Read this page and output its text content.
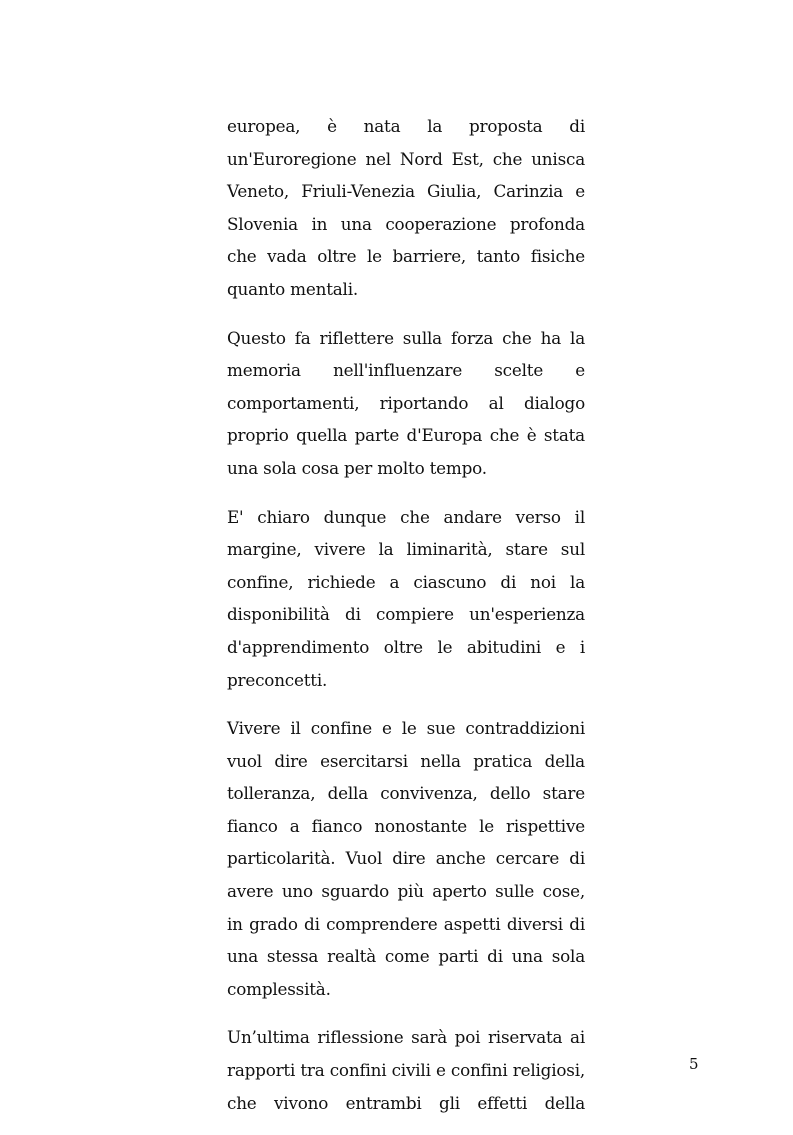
europea, è nata la proposta di un'Euroregione nel Nord Est, che unisca Veneto, Friuli-Venezia Giulia, Carinzia e Slovenia in una cooperazione profonda che vada oltre le barriere, tanto fisiche quanto mentali.

Questo fa riflettere sulla forza che ha la memoria nell'influenzare scelte e comportamenti, riportando al dialogo proprio quella parte d'Europa che è stata una sola cosa per molto tempo.

E' chiaro dunque che andare verso il margine, vivere la liminarità, stare sul confine, richiede a ciascuno di noi la disponibilità di compiere un'esperienza d'apprendimento oltre le abitudini e i preconcetti.

Vivere il confine e le sue contraddizioni vuol dire esercitarsi nella pratica della tolleranza, della convivenza, dello stare fianco a fianco nonostante le rispettive particolarità. Vuol dire anche cercare di avere uno sguardo più aperto sulle cose, in grado di comprendere aspetti diversi di una stessa realtà come parti di una sola complessità.

Un’ultima riflessione sarà poi riservata ai rapporti tra confini civili e confini religiosi, che vivono entrambi gli effetti della

5
